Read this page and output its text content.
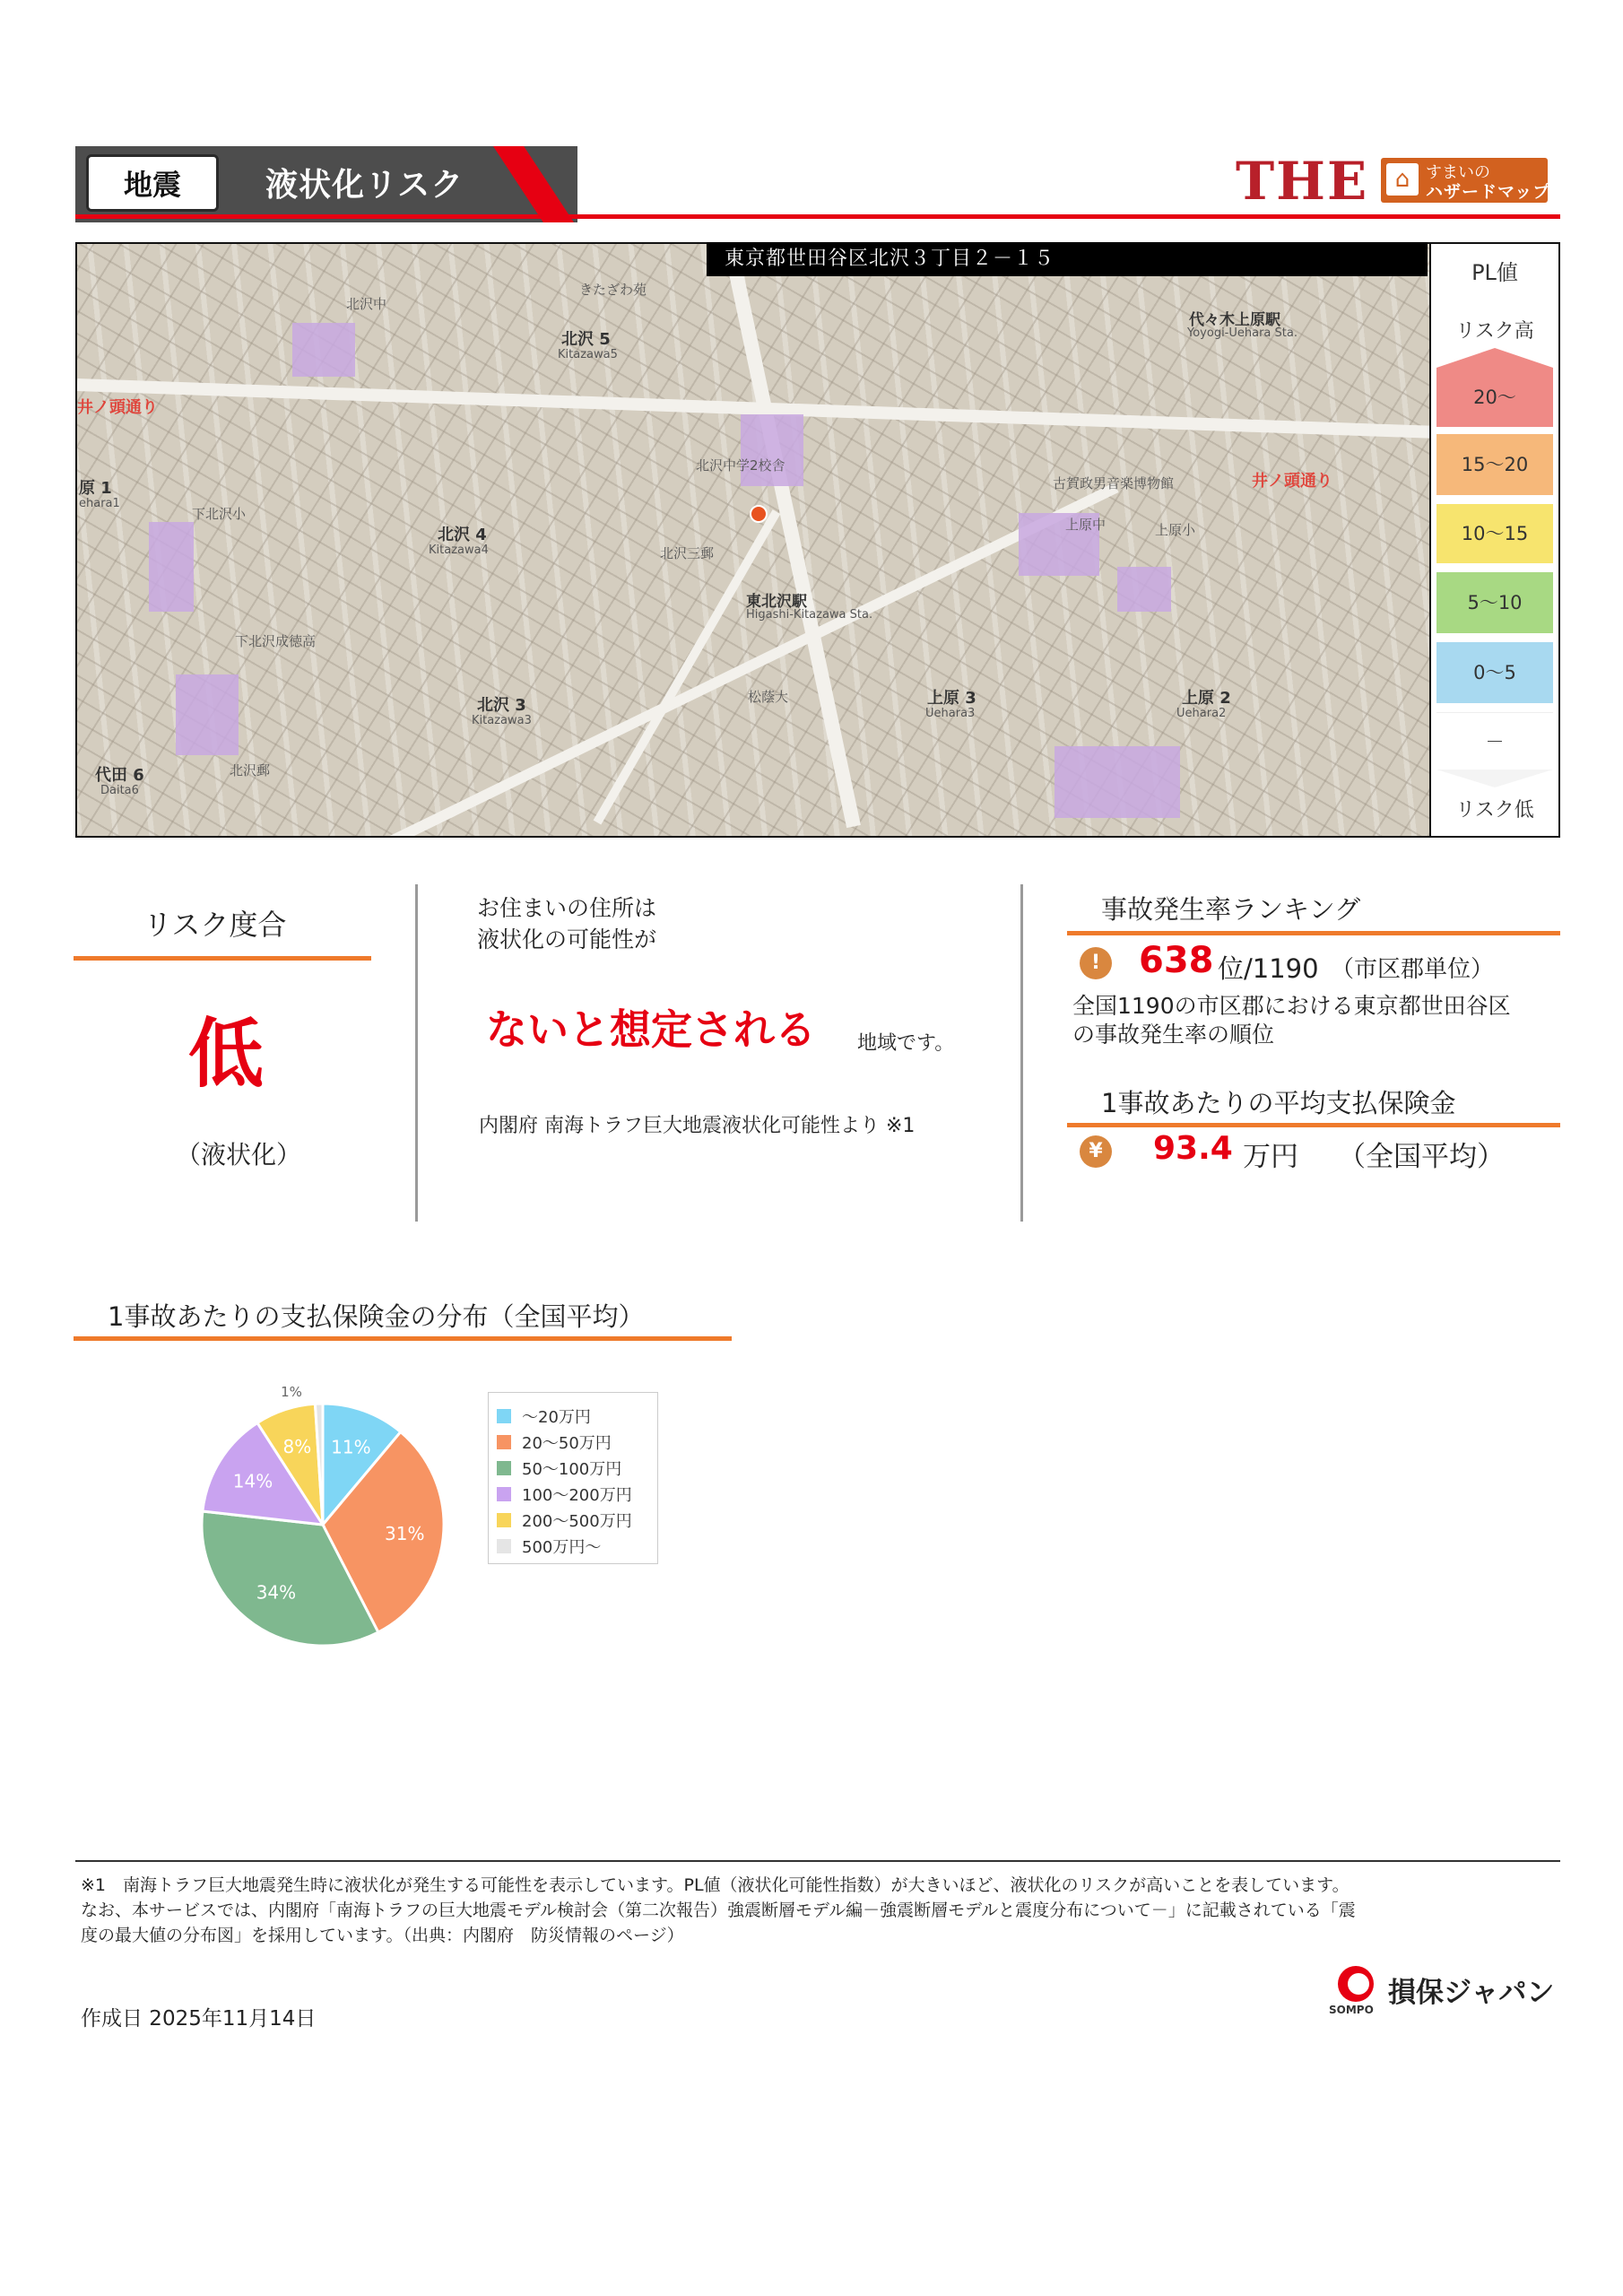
地震	液状化リスク	THE	⌂ すまいの
ハザードマップ
北沢 5
Kitazawa5
北沢 4
Kitazawa4
北沢 3
Kitazawa3
上原 3
Uehara3
上原 2
Uehara2
代田 6
Daita6
原 1
ehara1
代々木上原駅
Yoyogi-Uehara Sta.
東北沢駅
Higashi-Kitazawa Sta.
北沢中
下北沢小
下北沢成徳高
北沢中学2校舎
北沢三郵
上原中	上原小
松蔭大
古賀政男音楽博物館
きたざわ苑
北沢郵
井ノ頭通り
井ノ頭通り
東京都世田谷区北沢３丁目２－１５
PL値
リスク高
20～
15～20
10～15
5～10
0～5
－
リスク低
リスク度合
低
（液状化）
お住まいの住所は
液状化の可能性が
ないと想定される 地域です。
内閣府 南海トラフ巨大地震液状化可能性より ※1
事故発生率ランキング
!	638 位/1190 （市区郡単位）
全国1190の市区郡における東京都世田谷区
の事故発生率の順位
1事故あたりの平均支払保険金
¥ 93.4 万円 （全国平均）
1事故あたりの支払保険金の分布（全国平均）
11%
31%
34%
14%
8%
1%
～20万円
20～50万円
50～100万円
100～200万円
200～500万円
500万円～
※1　南海トラフ巨大地震発生時に液状化が発生する可能性を表示しています。PL値（液状化可能性指数）が大きいほど、液状化のリスクが高いことを表しています。
なお、本サービスでは、内閣府「南海トラフの巨大地震モデル検討会（第二次報告）強震断層モデル編－強震断層モデルと震度分布について－」に記載されている「震
度の最大値の分布図」を採用しています。（出典：内閣府　防災情報のページ）
作成日 2025年11月14日	SOMPO
損保ジャパン
